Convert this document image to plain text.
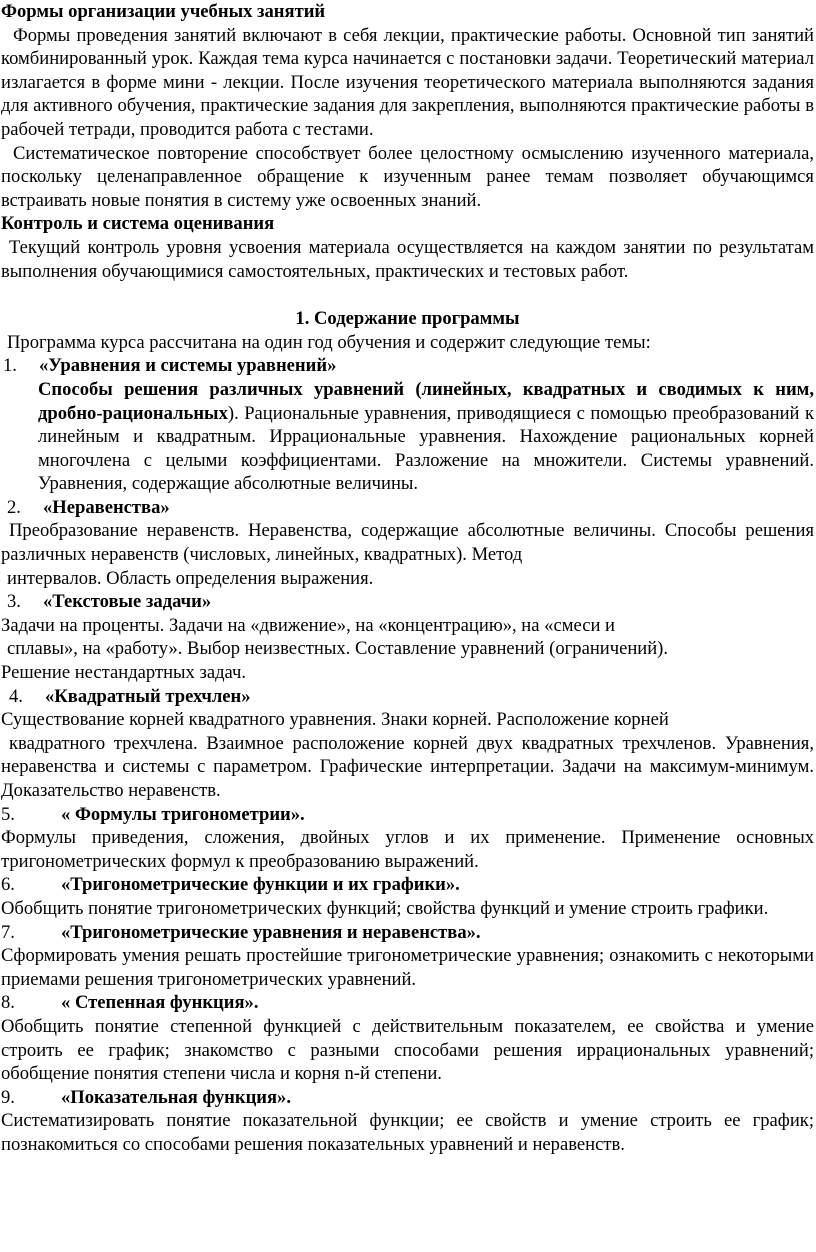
Формы организации учебных занятий

Формы проведения занятий включают в себя лекции, практические работы. Основной тип занятий комбинированный урок. Каждая тема курса начинается с постановки задачи. Теоретический материал излагается в форме мини - лекции. После изучения теоретического материала выполняются задания для активного обучения, практические задания для закрепления, выполняются практические работы в рабочей тетради, проводится работа с тестами.

Систематическое повторение способствует более целостному осмыслению изученного материала, поскольку целенаправленное обращение к изученным ранее темам позволяет обучающимся встраивать новые понятия в систему уже освоенных знаний.

Контроль и система оценивания

Текущий контроль уровня усвоения материала осуществляется на каждом занятии по результатам выполнения обучающимися самостоятельных, практических и тестовых работ.

1. Содержание программы

Программа курса рассчитана на один год обучения и содержит следующие темы:

1.	«Уравнения и системы уравнений»

Способы решения различных уравнений (линейных, квадратных и сводимых к ним, дробно-рациональных). Рациональные уравнения, приводящиеся с помощью преобразований к линейным и квадратным. Иррациональные уравнения. Нахождение рациональных корней многочлена с целыми коэффициентами. Разложение на множители. Системы уравнений. Уравнения, содержащие абсолютные величины.

2.	«Неравенства»

Преобразование неравенств. Неравенства, содержащие абсолютные величины. Способы решения различных неравенств (числовых, линейных, квадратных). Метод

интервалов. Область определения выражения.

3.	«Текстовые задачи»

Задачи на проценты. Задачи на «движение», на «концентрацию», на «смеси и

сплавы», на «работу». Выбор неизвестных. Составление уравнений (ограничений).

Решение нестандартных задач.

4.	«Квадратный трехчлен»

Существование корней квадратного уравнения. Знаки корней. Расположение корней

квадратного трехчлена. Взаимное расположение корней двух квадратных трехчленов. Уравнения, неравенства и системы с параметром. Графические интерпретации. Задачи на максимум-минимум. Доказательство неравенств.

5.	« Формулы тригонометрии».

Формулы приведения, сложения, двойных углов и их применение. Применение основных тригонометрических формул к преобразованию выражений.

6.	«Тригонометрические функции и их графики».

Обобщить понятие тригонометрических функций; свойства функций и умение строить графики.

7.	«Тригонометрические уравнения и неравенства».

Сформировать умения решать простейшие тригонометрические уравнения; ознакомить с некоторыми приемами решения тригонометрических уравнений.

8.	« Степенная функция».

Обобщить понятие степенной функцией с действительным показателем, ее свойства и умение строить ее график; знакомство с разными способами решения иррациональных уравнений; обобщение понятия степени числа и корня n-й степени.

9.	«Показательная функция».

Систематизировать понятие показательной функции; ее свойств и умение строить ее график; познакомиться со способами решения показательных уравнений и неравенств.
